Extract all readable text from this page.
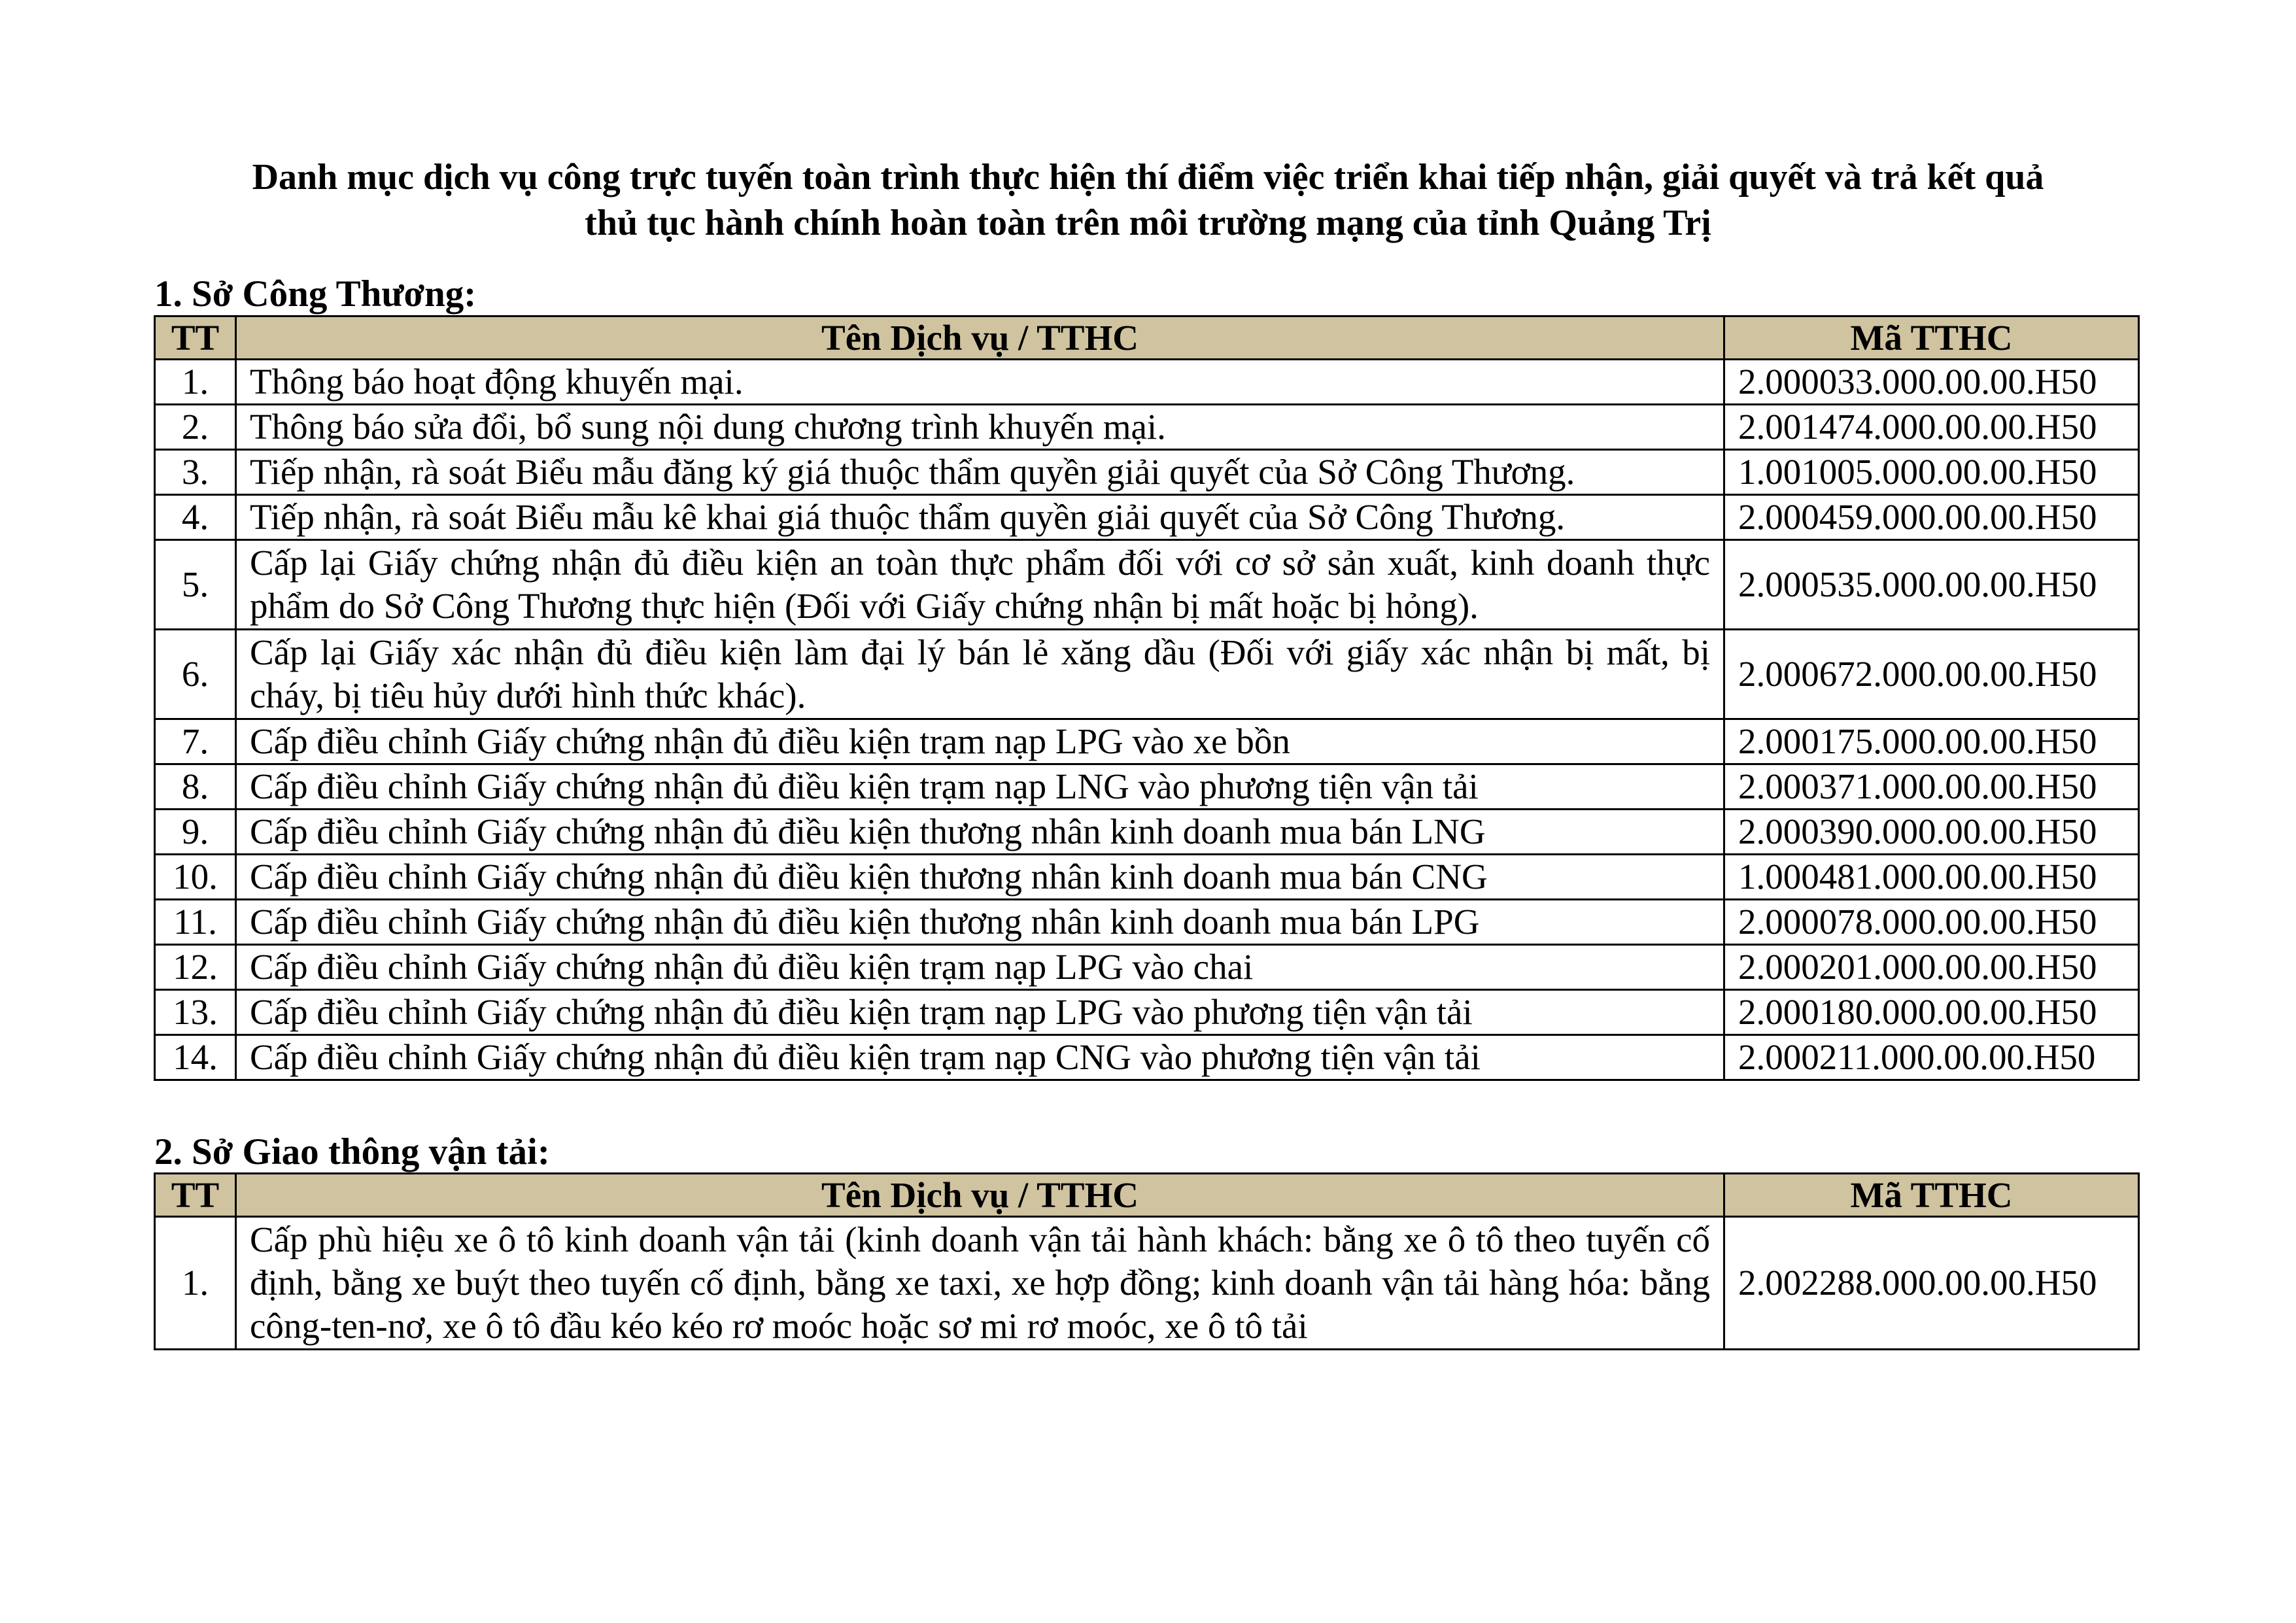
Danh mục dịch vụ công trực tuyến toàn trình thực hiện thí điểm việc triển khai tiếp nhận, giải quyết và trả kết quả
thủ tục hành chính hoàn toàn trên môi trường mạng của tỉnh Quảng Trị
1. Sở Công Thương:
TT	Tên Dịch vụ / TTHC	Mã TTHC
1.	Thông báo hoạt động khuyến mại.	2.000033.000.00.00.H50
2.	Thông báo sửa đổi, bổ sung nội dung chương trình khuyến mại.	2.001474.000.00.00.H50
3.	Tiếp nhận, rà soát Biểu mẫu đăng ký giá thuộc thẩm quyền giải quyết của Sở Công Thương.	1.001005.000.00.00.H50
4.	Tiếp nhận, rà soát Biểu mẫu kê khai giá thuộc thẩm quyền giải quyết của Sở Công Thương.	2.000459.000.00.00.H50
5.	Cấp lại Giấy chứng nhận đủ điều kiện an toàn thực phẩm đối với cơ sở sản xuất, kinh doanh thực phẩm do Sở Công Thương thực hiện (Đối với Giấy chứng nhận bị mất hoặc bị hỏng).	2.000535.000.00.00.H50
6.	Cấp lại Giấy xác nhận đủ điều kiện làm đại lý bán lẻ xăng dầu (Đối với giấy xác nhận bị mất, bị cháy, bị tiêu hủy dưới hình thức khác).	2.000672.000.00.00.H50
7.	Cấp điều chỉnh Giấy chứng nhận đủ điều kiện trạm nạp LPG vào xe bồn	2.000175.000.00.00.H50
8.	Cấp điều chỉnh Giấy chứng nhận đủ điều kiện trạm nạp LNG vào phương tiện vận tải	2.000371.000.00.00.H50
9.	Cấp điều chỉnh Giấy chứng nhận đủ điều kiện thương nhân kinh doanh mua bán LNG	2.000390.000.00.00.H50
10.	Cấp điều chỉnh Giấy chứng nhận đủ điều kiện thương nhân kinh doanh mua bán CNG	1.000481.000.00.00.H50
11.	Cấp điều chỉnh Giấy chứng nhận đủ điều kiện thương nhân kinh doanh mua bán LPG	2.000078.000.00.00.H50
12.	Cấp điều chỉnh Giấy chứng nhận đủ điều kiện trạm nạp LPG vào chai	2.000201.000.00.00.H50
13.	Cấp điều chỉnh Giấy chứng nhận đủ điều kiện trạm nạp LPG vào phương tiện vận tải	2.000180.000.00.00.H50
14.	Cấp điều chỉnh Giấy chứng nhận đủ điều kiện trạm nạp CNG vào phương tiện vận tải	2.000211.000.00.00.H50
2. Sở Giao thông vận tải:
TT	Tên Dịch vụ / TTHC	Mã TTHC
1.	Cấp phù hiệu xe ô tô kinh doanh vận tải (kinh doanh vận tải hành khách: bằng xe ô tô theo tuyến cố định, bằng xe buýt theo tuyến cố định, bằng xe taxi, xe hợp đồng; kinh doanh vận tải hàng hóa: bằng công-ten-nơ, xe ô tô đầu kéo kéo rơ moóc hoặc sơ mi rơ moóc, xe ô tô tải	2.002288.000.00.00.H50
